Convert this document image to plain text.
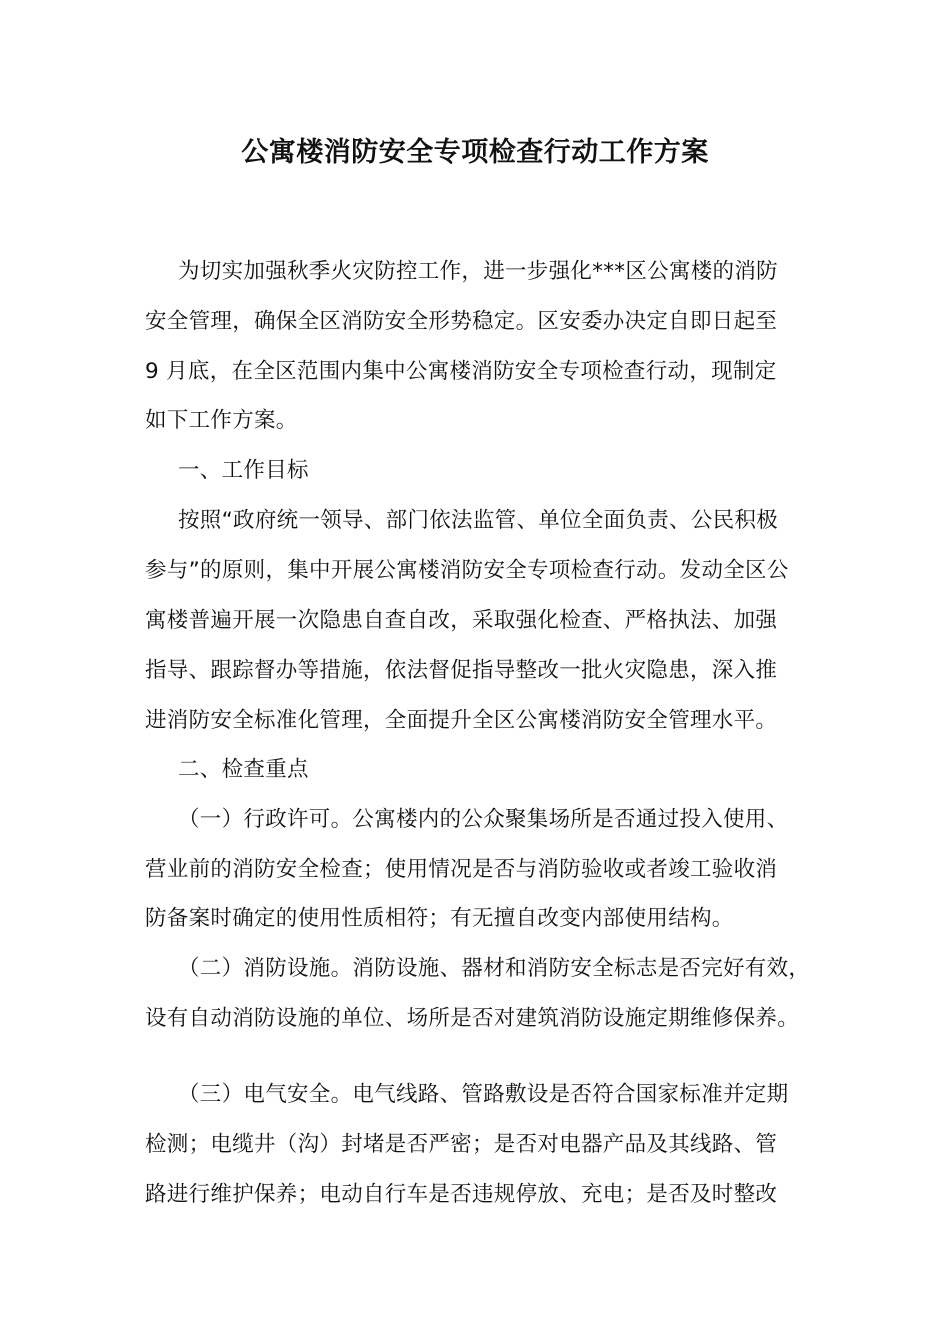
公寓楼消防安全专项检查行动工作方案
为切实加强秋季火灾防控工作，进一步强化***区公寓楼的消防
安全管理，确保全区消防安全形势稳定。区安委办决定自即日起至
9 月底，在全区范围内集中公寓楼消防安全专项检查行动，现制定
如下工作方案。
一、工作目标
按照“政府统一领导、部门依法监管、单位全面负责、公民积极
参与”的原则，集中开展公寓楼消防安全专项检查行动。发动全区公
寓楼普遍开展一次隐患自查自改，采取强化检查、严格执法、加强
指导、跟踪督办等措施，依法督促指导整改一批火灾隐患，深入推
进消防安全标准化管理，全面提升全区公寓楼消防安全管理水平。
二、检查重点
（一）行政许可。公寓楼内的公众聚集场所是否通过投入使用、
营业前的消防安全检查；使用情况是否与消防验收或者竣工验收消
防备案时确定的使用性质相符；有无擅自改变内部使用结构。
（二）消防设施。消防设施、器材和消防安全标志是否完好有效，
设有自动消防设施的单位、场所是否对建筑消防设施定期维修保养。
（三）电气安全。电气线路、管路敷设是否符合国家标准并定期
检测；电缆井（沟）封堵是否严密；是否对电器产品及其线路、管
路进行维护保养；电动自行车是否违规停放、充电；是否及时整改
